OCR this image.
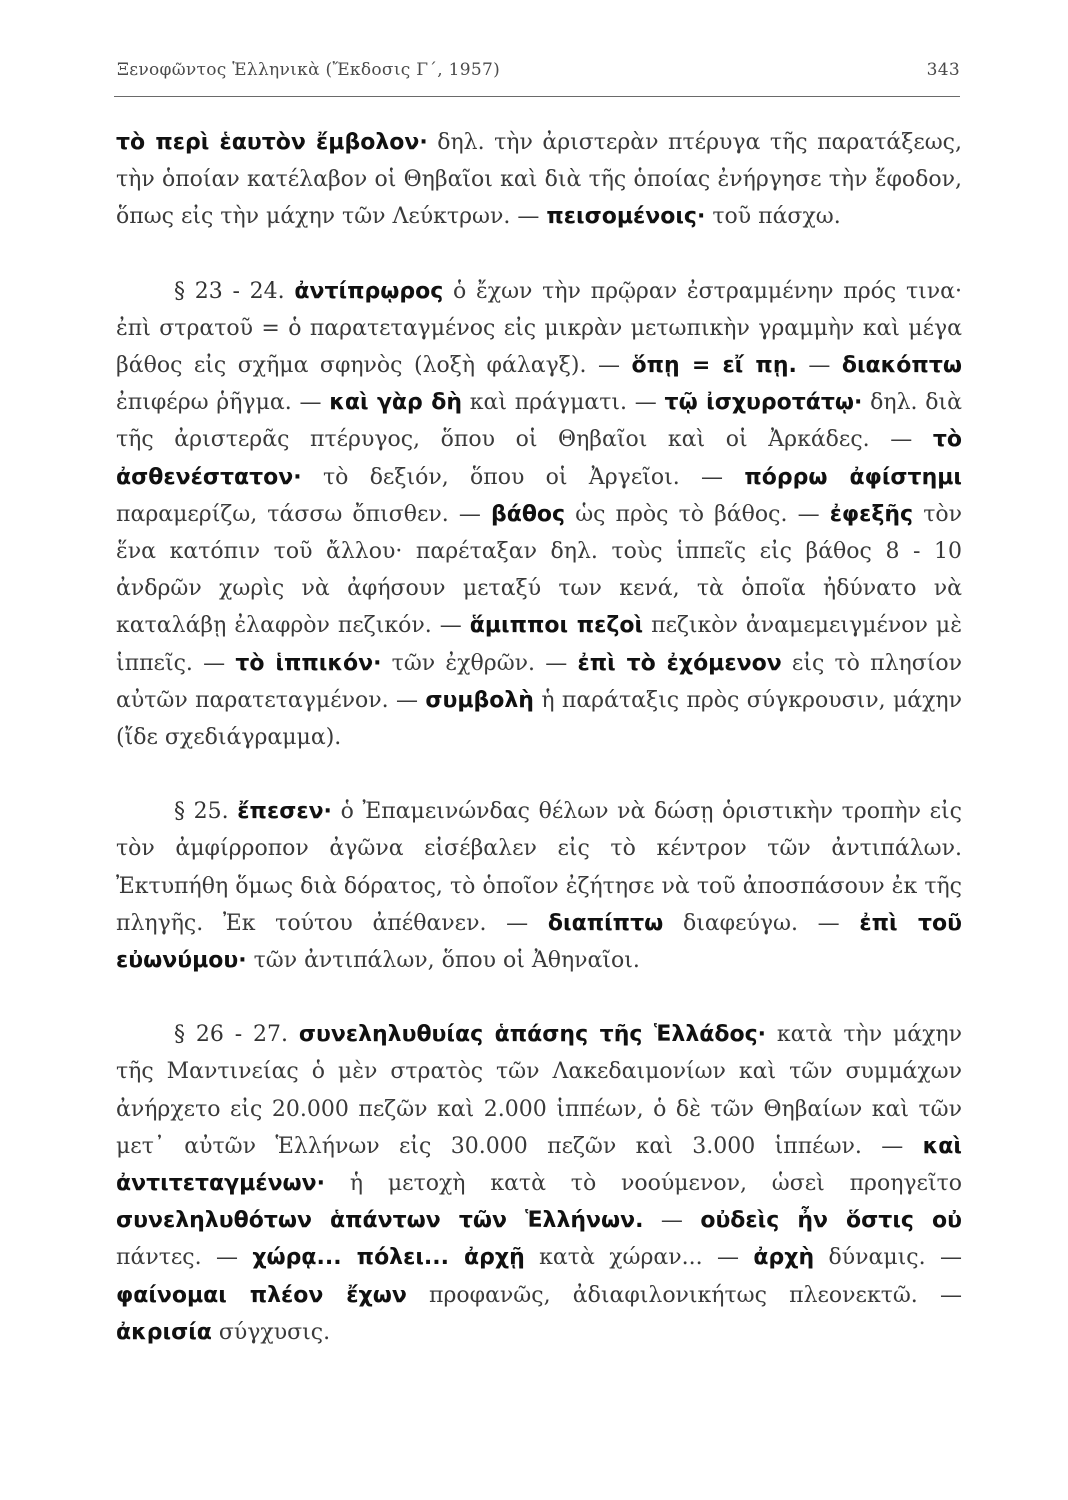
Ξενοφῶντος Ἑλληνικὰ (Ἔκδοσις Γ΄, 1957)	343

τὸ περὶ ἑαυτὸν ἔμβολον· δηλ. τὴν ἀριστερὰν πτέρυγα τῆς παρατάξεως, τὴν ὁποίαν κατέλαβον οἱ Θηβαῖοι καὶ διὰ τῆς ὁποίας ἐνήργησε τὴν ἔφοδον, ὅπως εἰς τὴν μάχην τῶν Λεύκτρων. — πεισομένοις· τοῦ πάσχω.

§ 23 - 24. ἀντίπρῳρος ὁ ἔχων τὴν πρῷραν ἐστραμμένην πρός τινα· ἐπὶ στρατοῦ = ὁ παρατεταγμένος εἰς μικρὰν μετωπικὴν γραμμὴν καὶ μέγα βάθος εἰς σχῆμα σφηνὸς (λοξὴ φάλαγξ). — ὅπῃ = εἴ πῃ. — διακόπτω ἐπιφέρω ῥῆγμα. — καὶ γὰρ δὴ καὶ πράγματι. — τῷ ἰσχυροτάτῳ· δηλ. διὰ τῆς ἀριστερᾶς πτέρυγος, ὅπου οἱ Θηβαῖοι καὶ οἱ Ἀρκάδες. — τὸ ἀσθενέστατον· τὸ δεξιόν, ὅπου οἱ Ἀργεῖοι. — πόρρω ἀφίστημι παραμερίζω, τάσσω ὄπισθεν. — βάθος ὡς πρὸς τὸ βάθος. — ἐφεξῆς τὸν ἕνα κατόπιν τοῦ ἄλλου· παρέταξαν δηλ. τοὺς ἱππεῖς εἰς βάθος 8 - 10 ἀνδρῶν χωρὶς νὰ ἀφήσουν μεταξύ των κενά, τὰ ὁποῖα ἠδύνατο νὰ καταλάβῃ ἐλαφρὸν πεζικόν. — ἅμιπποι πεζοὶ πεζικὸν ἀναμεμειγμένον μὲ ἱππεῖς. — τὸ ἱππικόν· τῶν ἐχθρῶν. — ἐπὶ τὸ ἐχόμενον εἰς τὸ πλησίον αὐτῶν παρατεταγμένον. — συμβολὴ ἡ παράταξις πρὸς σύγκρουσιν, μάχην (ἴδε σχεδιάγραμμα).

§ 25. ἔπεσεν· ὁ Ἐπαμεινώνδας θέλων νὰ δώσῃ ὁριστικὴν τροπὴν εἰς τὸν ἀμφίρροπον ἀγῶνα εἰσέβαλεν εἰς τὸ κέντρον τῶν ἀντιπάλων. Ἐκτυπήθη ὅμως διὰ δόρατος, τὸ ὁποῖον ἐζήτησε νὰ τοῦ ἀποσπάσουν ἐκ τῆς πληγῆς. Ἐκ τούτου ἀπέθανεν. — διαπίπτω διαφεύγω. — ἐπὶ τοῦ εὐωνύμου· τῶν ἀντιπάλων, ὅπου οἱ Ἀθηναῖοι.

§ 26 - 27. συνεληλυθυίας ἁπάσης τῆς Ἑλλάδος· κατὰ τὴν μάχην τῆς Μαντινείας ὁ μὲν στρατὸς τῶν Λακεδαιμονίων καὶ τῶν συμμάχων ἀνήρχετο εἰς 20.000 πεζῶν καὶ 2.000 ἱππέων, ὁ δὲ τῶν Θηβαίων καὶ τῶν μετ᾽ αὐτῶν Ἑλλήνων εἰς 30.000 πεζῶν καὶ 3.000 ἱππέων. — καὶ ἀντιτεταγμένων· ἡ μετοχὴ κατὰ τὸ νοούμενον, ὡσεὶ προηγεῖτο συνεληλυθότων ἁπάντων τῶν Ἑλλήνων. — οὐδεὶς ἦν ὅστις οὐ πάντες. — χώρᾳ... πόλει... ἀρχῇ κατὰ χώραν... — ἀρχὴ δύναμις. — φαίνομαι πλέον ἔχων προφανῶς, ἀδιαφιλονικήτως πλεονεκτῶ. — ἀκρισία σύγχυσις.
